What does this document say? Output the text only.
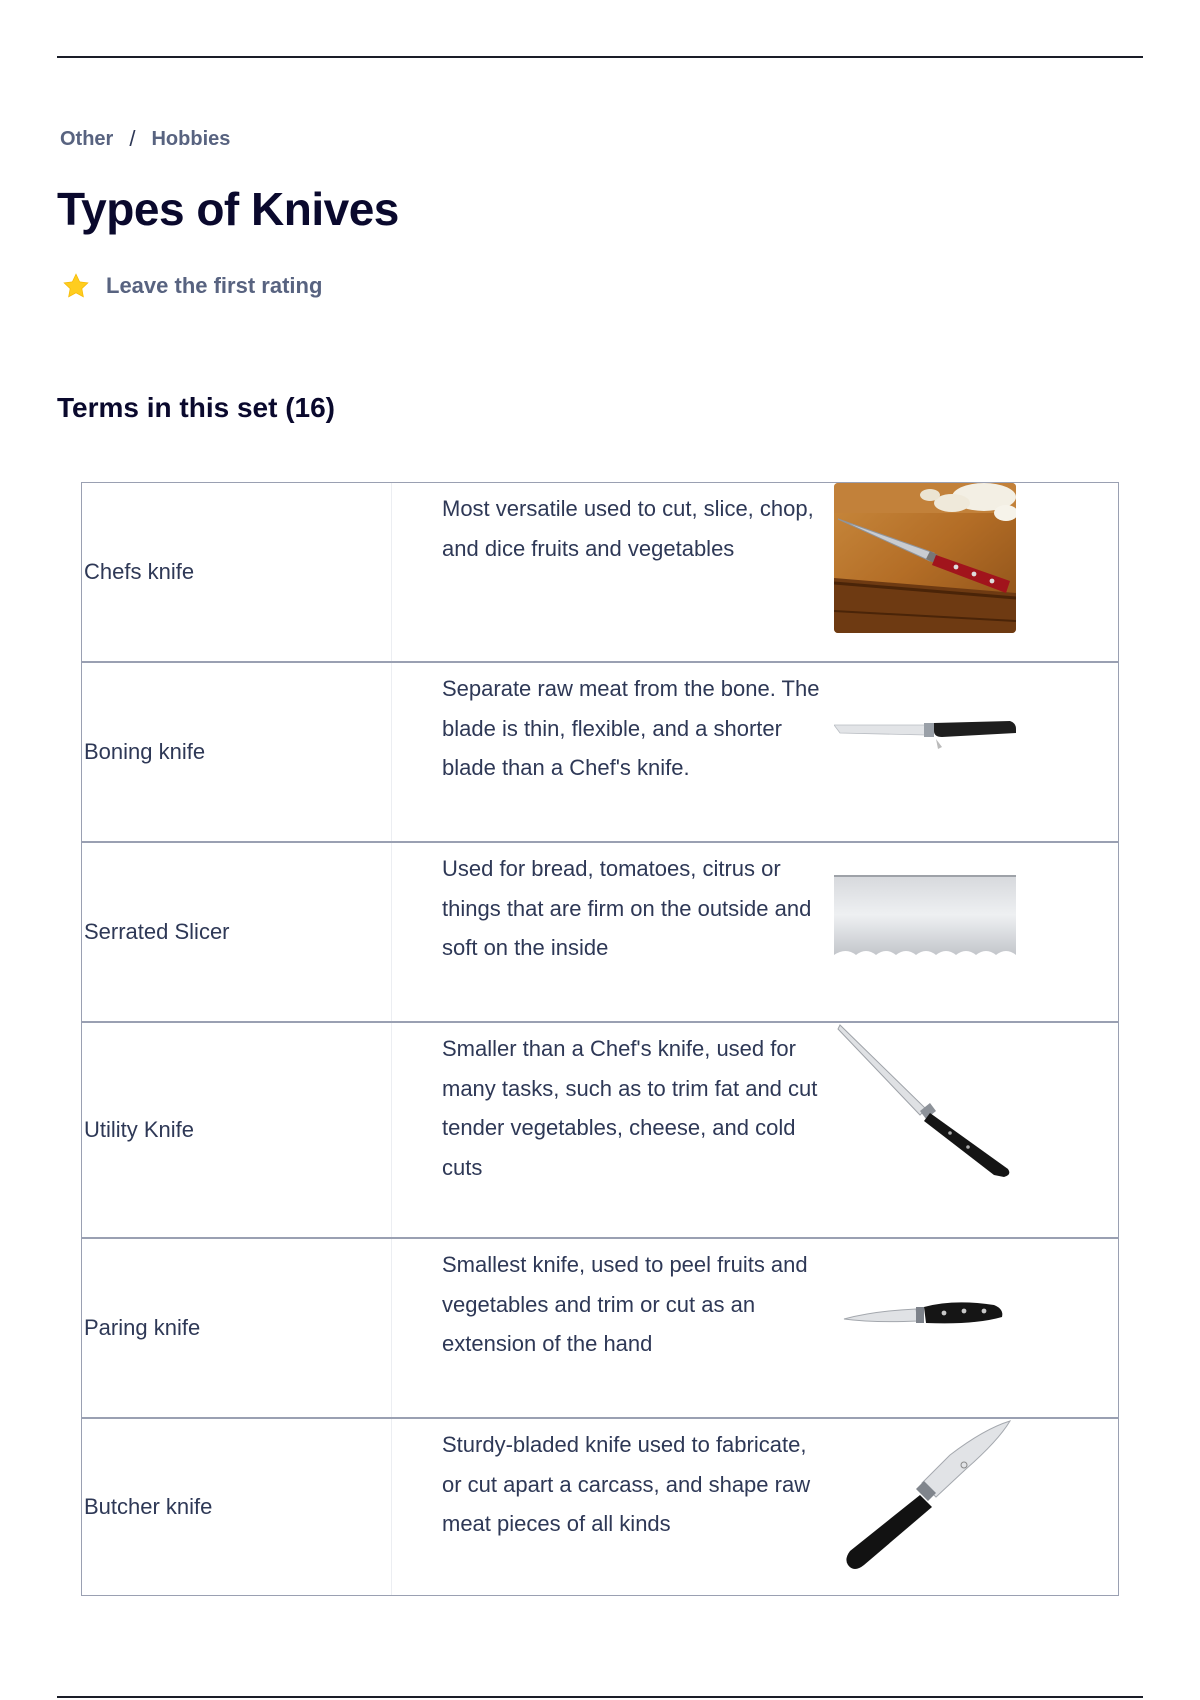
Other / Hobbies
Types of Knives
Leave the first rating
Terms in this set (16)
Chefs knife
Most versatile used to cut, slice, chop, and dice fruits and vegetables
Boning knife
Separate raw meat from the bone. The blade is thin, flexible, and a shorter blade than a Chef's knife.
Serrated Slicer
Used for bread, tomatoes, citrus or things that are firm on the outside and soft on the inside
Utility Knife
Smaller than a Chef's knife, used for many tasks, such as to trim fat and cut tender vegetables, cheese, and cold cuts
Paring knife
Smallest knife, used to peel fruits and vegetables and trim or cut as an extension of the hand
Butcher knife
Sturdy-bladed knife used to fabricate, or cut apart a carcass, and shape raw meat pieces of all kinds
